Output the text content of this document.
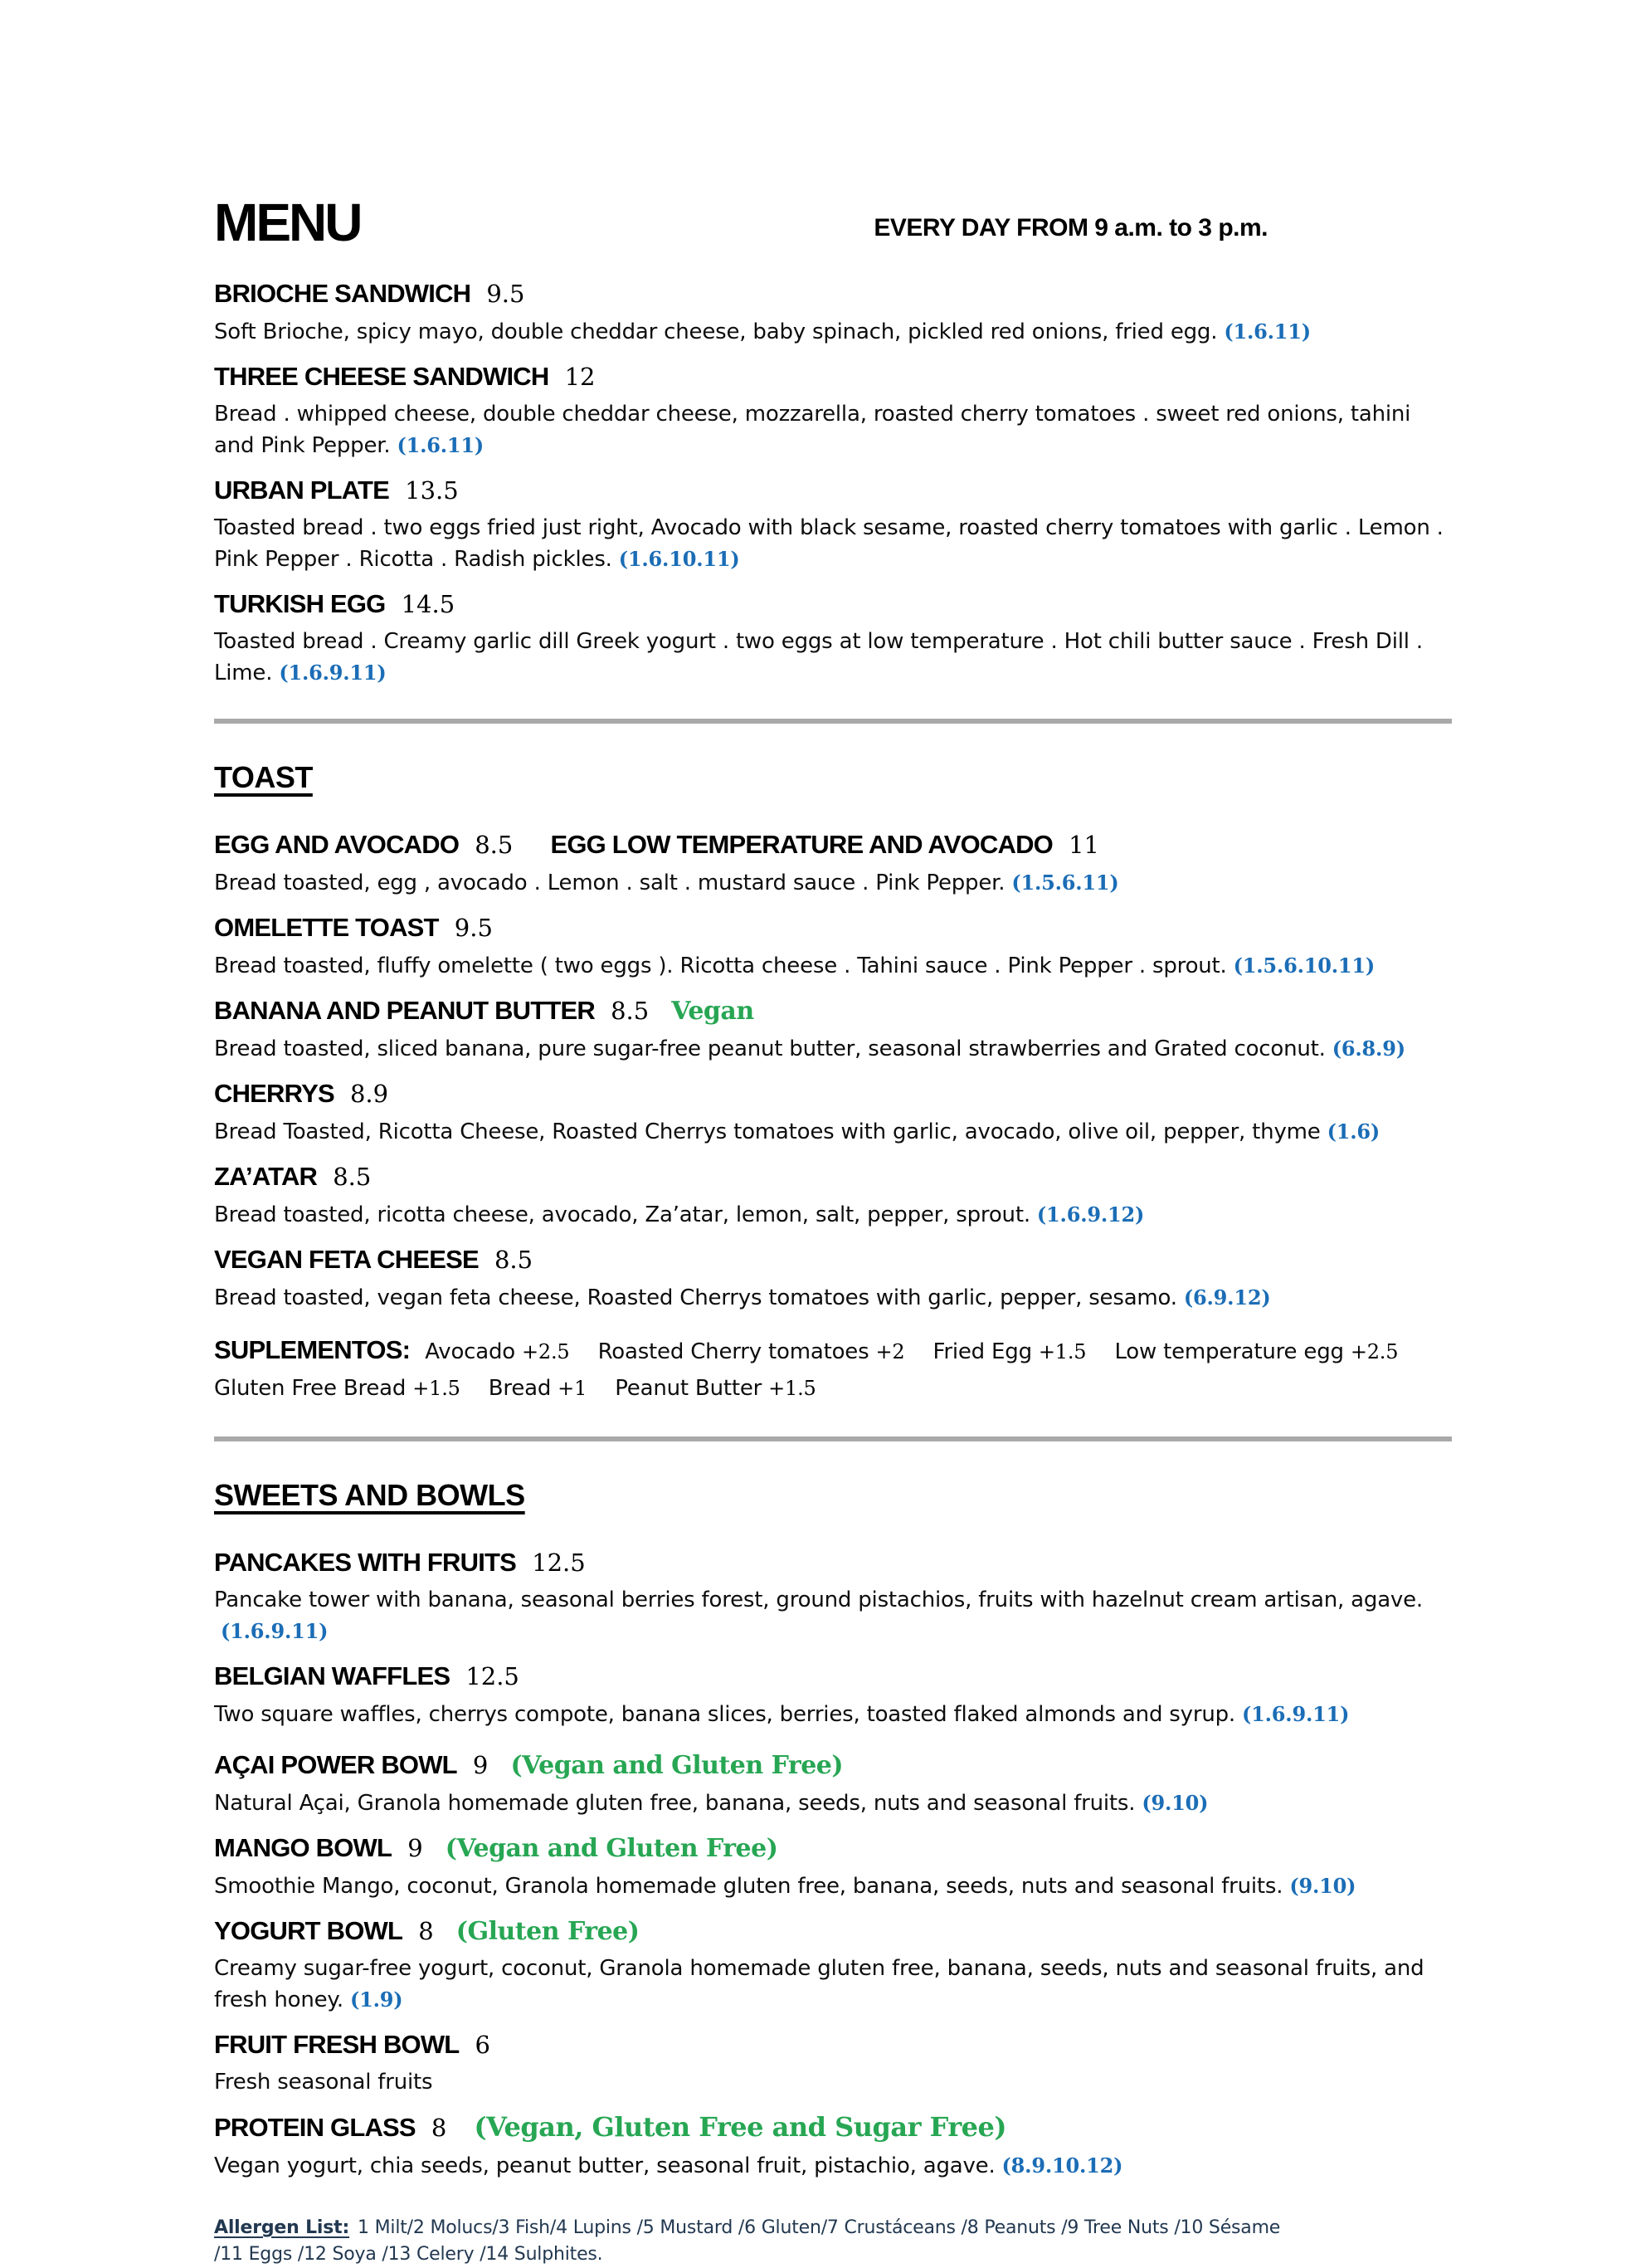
MENU	EVERY DAY FROM 9 a.m. to 3 p.m.
BRIOCHE SANDWICH 9.5

Soft Brioche, spicy mayo, double cheddar cheese, baby spinach, pickled red onions, fried egg. (1.6.11)

THREE CHEESE SANDWICH 12

Bread . whipped cheese, double cheddar cheese, mozzarella, roasted cherry tomatoes . sweet red onions, tahini and Pink Pepper. (1.6.11)

URBAN PLATE 13.5

Toasted bread . two eggs fried just right, Avocado with black sesame, roasted cherry tomatoes with garlic . Lemon . Pink Pepper . Ricotta . Radish pickles. (1.6.10.11)

TURKISH EGG 14.5

Toasted bread . Creamy garlic dill Greek yogurt . two eggs at low temperature . Hot chili butter sauce . Fresh Dill . Lime. (1.6.9.11)

TOAST
EGG AND AVOCADO 8.5 EGG LOW TEMPERATURE AND AVOCADO 11

Bread toasted, egg , avocado . Lemon . salt . mustard sauce . Pink Pepper. (1.5.6.11)

OMELETTE TOAST 9.5

Bread toasted, fluffy omelette ( two eggs ). Ricotta cheese . Tahini sauce . Pink Pepper . sprout. (1.5.6.10.11)

BANANA AND PEANUT BUTTER 8.5 Vegan

Bread toasted, sliced banana, pure sugar-free peanut butter, seasonal strawberries and Grated coconut. (6.8.9)

CHERRYS 8.9

Bread Toasted, Ricotta Cheese, Roasted Cherrys tomatoes with garlic, avocado, olive oil, pepper, thyme (1.6)

ZA’ATAR 8.5

Bread toasted, ricotta cheese, avocado, Za’atar, lemon, salt, pepper, sprout. (1.6.9.12)

VEGAN FETA CHEESE 8.5

Bread toasted, vegan feta cheese, Roasted Cherrys tomatoes with garlic, pepper, sesamo. (6.9.12)

SUPLEMENTOS: Avocado +2.5 Roasted Cherry tomatoes +2 Fried Egg +1.5 Low temperature egg +2.5

Gluten Free Bread +1.5 Bread +1 Peanut Butter +1.5

SWEETS AND BOWLS
PANCAKES WITH FRUITS 12.5

Pancake tower with banana, seasonal berries forest, ground pistachios, fruits with hazelnut cream artisan, agave.(1.6.9.11)

BELGIAN WAFFLES 12.5

Two square waffles, cherrys compote, banana slices, berries, toasted flaked almonds and syrup. (1.6.9.11)

AÇAI POWER BOWL 9 (Vegan and Gluten Free)

Natural Açai, Granola homemade gluten free, banana, seeds, nuts and seasonal fruits. (9.10)

MANGO BOWL 9 (Vegan and Gluten Free)

Smoothie Mango, coconut, Granola homemade gluten free, banana, seeds, nuts and seasonal fruits. (9.10)

YOGURT BOWL 8 (Gluten Free)

Creamy sugar-free yogurt, coconut, Granola homemade gluten free, banana, seeds, nuts and seasonal fruits, and fresh honey. (1.9)

FRUIT FRESH BOWL 6

Fresh seasonal fruits

PROTEIN GLASS 8 (Vegan, Gluten Free and Sugar Free)

Vegan yogurt, chia seeds, peanut butter, seasonal fruit, pistachio, agave. (8.9.10.12)

Allergen List: 1 Milt/2 Molucs/3 Fish/4 Lupins /5 Mustard /6 Gluten/7 Crustáceans /8 Peanuts /9 Tree Nuts /10 Sésame
/11 Eggs /12 Soya /13 Celery /14 Sulphites.
